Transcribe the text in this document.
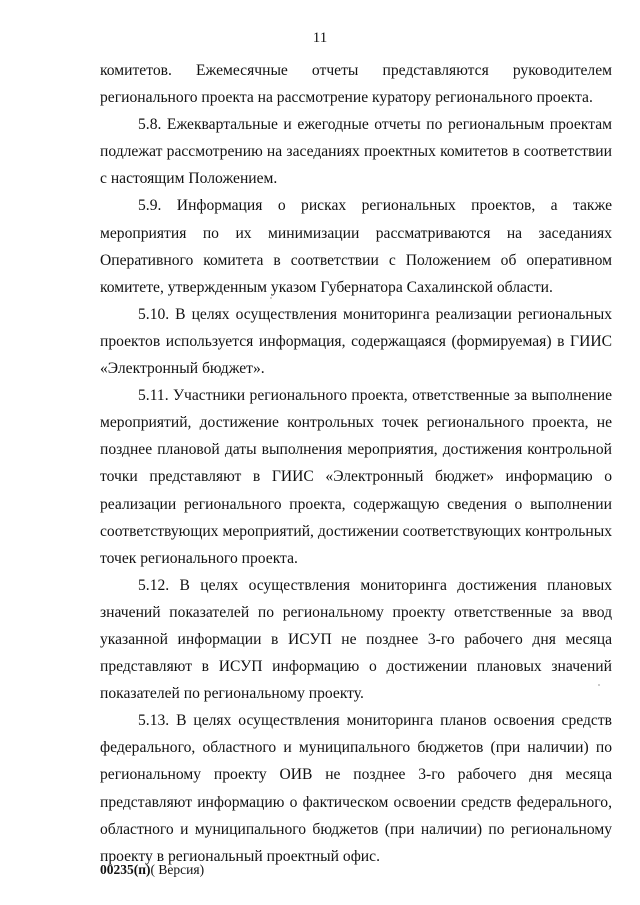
11

комитетов. Ежемесячные отчеты представляются руководителем регионального проекта на рассмотрение куратору регионального проекта.

5.8. Ежеквартальные и ежегодные отчеты по региональным проектам подлежат рассмотрению на заседаниях проектных комитетов в соответствии с настоящим Положением.

5.9. Информация о рисках региональных проектов, а также мероприятия по их минимизации рассматриваются на заседаниях Оперативного комитета в соответствии с Положением об оперативном комитете, утвержденным указом Губернатора Сахалинской области.

5.10. В целях осуществления мониторинга реализации региональных проектов используется информация, содержащаяся (формируемая) в ГИИС «Электронный бюджет».

5.11. Участники регионального проекта, ответственные за выполнение мероприятий, достижение контрольных точек регионального проекта, не позднее плановой даты выполнения мероприятия, достижения контрольной точки представляют в ГИИС «Электронный бюджет» информацию о реализации регионального проекта, содержащую сведения о выполнении соответствующих мероприятий, достижении соответствующих контрольных точек регионального проекта.

5.12. В целях осуществления мониторинга достижения плановых значений показателей по региональному проекту ответственные за ввод указанной информации в ИСУП не позднее 3-го рабочего дня месяца представляют в ИСУП информацию о достижении плановых значений показателей по региональному проекту.

5.13. В целях осуществления мониторинга планов освоения средств федерального, областного и муниципального бюджетов (при наличии) по региональному проекту ОИВ не позднее 3-го рабочего дня месяца представляют информацию о фактическом освоении средств федерального, областного и муниципального бюджетов (при наличии) по региональному проекту в региональный проектный офис.

00235(п)( Версия)
